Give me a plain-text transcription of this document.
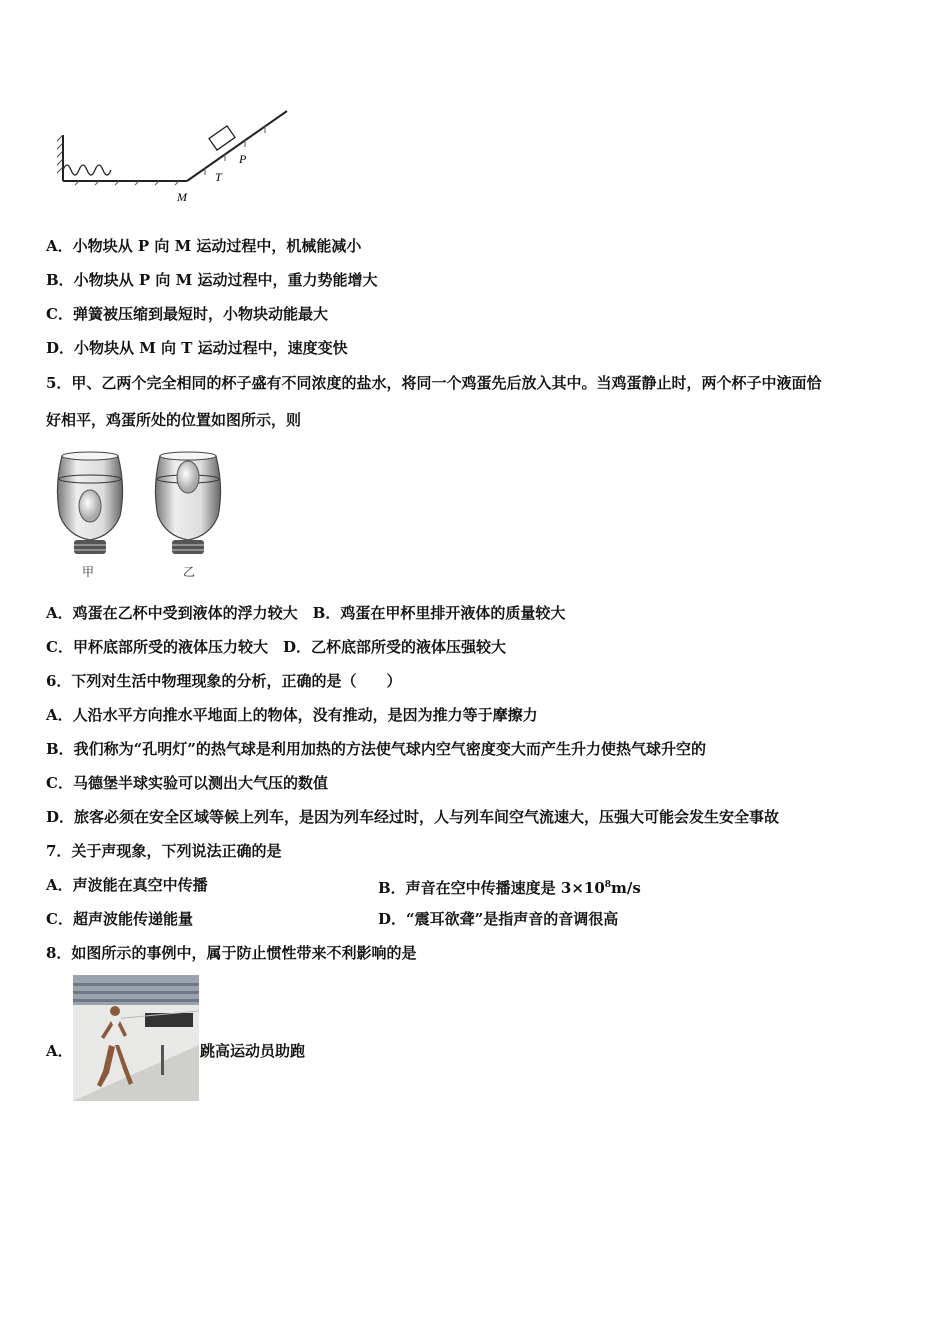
P
T
M
A．小物块从 P 向 M 运动过程中，机械能减小
B．小物块从 P 向 M 运动过程中，重力势能增大
C．弹簧被压缩到最短时，小物块动能最大
D．小物块从 M 向 T 运动过程中，速度变快
5．甲、乙两个完全相同的杯子盛有不同浓度的盐水，将同一个鸡蛋先后放入其中。当鸡蛋静止时，两个杯子中液面恰
好相平，鸡蛋所处的位置如图所示，则
甲	乙
A．鸡蛋在乙杯中受到液体的浮力较大　B．鸡蛋在甲杯里排开液体的质量较大
C．甲杯底部所受的液体压力较大　D．乙杯底部所受的液体压强较大
6．下列对生活中物理现象的分析，正确的是（　　）
A．人沿水平方向推水平地面上的物体，没有推动，是因为推力等于摩擦力
B．我们称为“孔明灯”的热气球是利用加热的方法使气球内空气密度变大而产生升力使热气球升空的
C．马德堡半球实验可以测出大气压的数值
D．旅客必须在安全区域等候上列车，是因为列车经过时，人与列车间空气流速大，压强大可能会发生安全事故
7．关于声现象，下列说法正确的是
A．声波能在真空中传播	B．声音在空中传播速度是 $3\times 10^8m/s$
C．超声波能传递能量	D．“震耳欲聋”是指声音的音调很高
8．如图所示的事例中，属于防止惯性带来不利影响的是
A．	跳高运动员助跑
